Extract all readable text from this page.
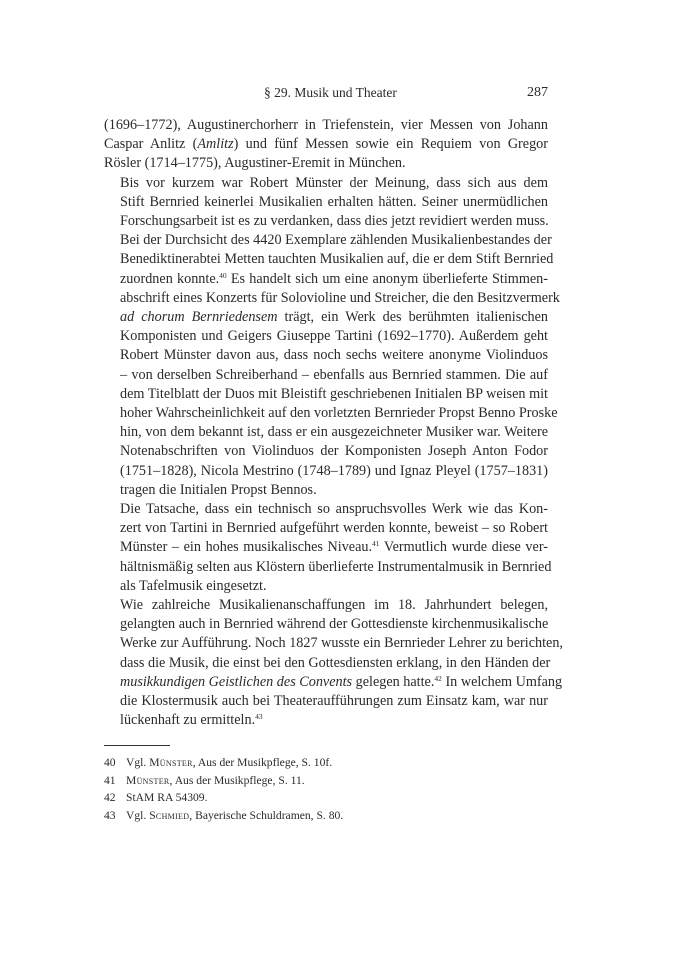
§ 29. Musik und Theater	287

(1696–1772), Augustinerchorherr in Triefenstein, vier Messen von Johann
Caspar Anlitz (Amlitz) und fünf Messen sowie ein Requiem von Gregor
Rösler (1714–1775), Augustiner-Eremit in München.

Bis vor kurzem war Robert Münster der Meinung, dass sich aus dem
Stift Bernried keinerlei Musikalien erhalten hätten. Seiner unermüdlichen
Forschungsarbeit ist es zu verdanken, dass dies jetzt revidiert werden muss.
Bei der Durchsicht des 4420 Exemplare zählenden Musikalienbestandes der
Benediktinerabtei Metten tauchten Musikalien auf, die er dem Stift Bernried
zuordnen konnte.$^{40}$ Es handelt sich um eine anonym überlieferte Stimmen-
abschrift eines Konzerts für Solovioline und Streicher, die den Besitzvermerk
ad chorum Bernriedensem trägt, ein Werk des berühmten italienischen
Komponisten und Geigers Giuseppe Tartini (1692–1770). Außerdem geht
Robert Münster davon aus, dass noch sechs weitere anonyme Violinduos
– von derselben Schreiberhand – ebenfalls aus Bernried stammen. Die auf
dem Titelblatt der Duos mit Bleistift geschriebenen Initialen BP weisen mit
hoher Wahrscheinlichkeit auf den vorletzten Bernrieder Propst Benno Proske
hin, von dem bekannt ist, dass er ein ausgezeichneter Musiker war. Weitere
Notenabschriften von Violinduos der Komponisten Joseph Anton Fodor
(1751–1828), Nicola Mestrino (1748–1789) und Ignaz Pleyel (1757–1831)
tragen die Initialen Propst Bennos.

Die Tatsache, dass ein technisch so anspruchsvolles Werk wie das Kon-
zert von Tartini in Bernried aufgeführt werden konnte, beweist – so Robert
Münster – ein hohes musikalisches Niveau.$^{41}$ Vermutlich wurde diese ver-
hältnismäßig selten aus Klöstern überlieferte Instrumentalmusik in Bernried
als Tafelmusik eingesetzt.

Wie zahlreiche Musikalienanschaffungen im 18. Jahrhundert belegen,
gelangten auch in Bernried während der Gottesdienste kirchenmusikalische
Werke zur Aufführung. Noch 1827 wusste ein Bernrieder Lehrer zu berichten,
dass die Musik, die einst bei den Gottesdiensten erklang, in den Händen der
musikkundigen Geistlichen des Convents gelegen hatte.$^{42}$ In welchem Umfang
die Klostermusik auch bei Theateraufführungen zum Einsatz kam, war nur
lückenhaft zu ermitteln.$^{43}$

40 Vgl. Münster, Aus der Musikpflege, S. 10f.
41 Münster, Aus der Musikpflege, S. 11.
42 StAM RA 54309.
43 Vgl. Schmied, Bayerische Schuldramen, S. 80.
